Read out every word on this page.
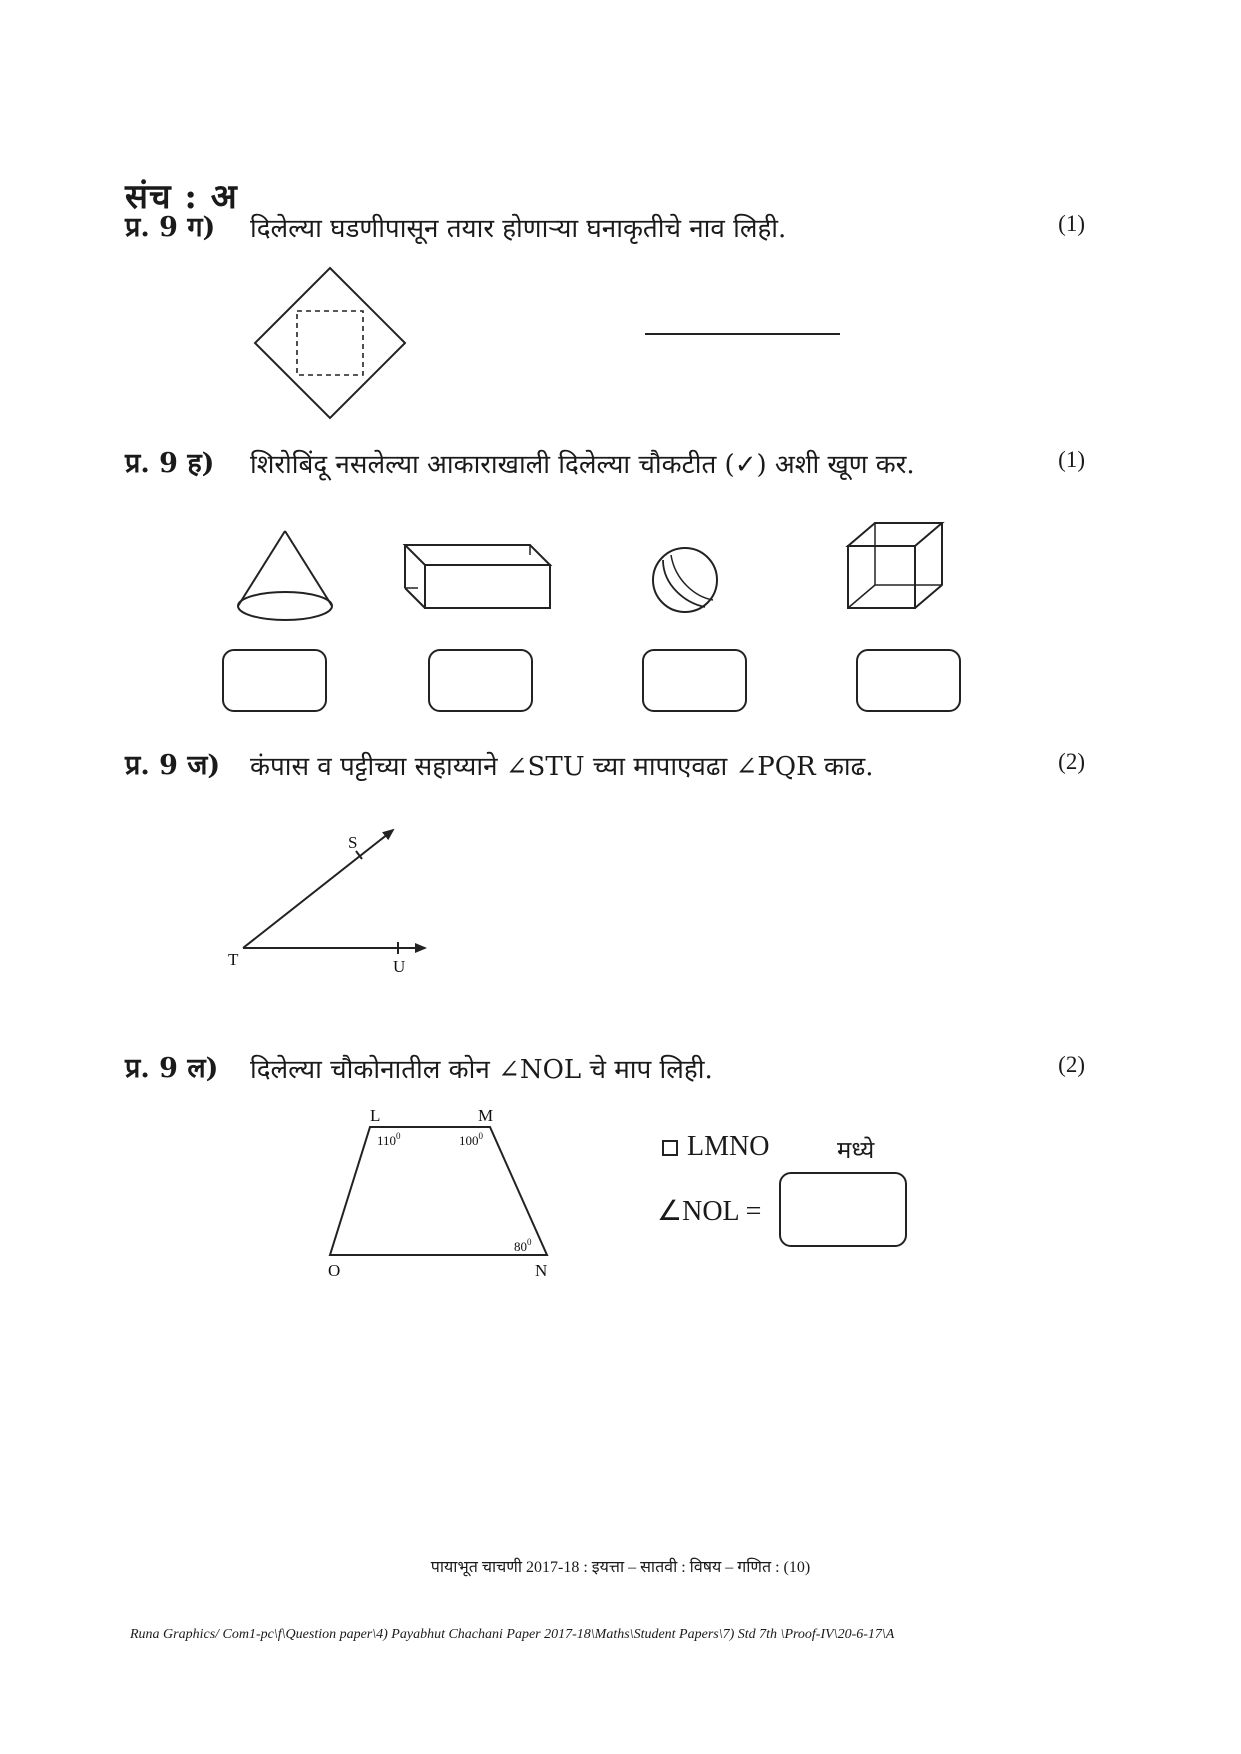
संच : अ
प्र. 9 ग) दिलेल्या घडणीपासून तयार होणाऱ्या घनाकृतीचे नाव लिही.	(1)
प्र. 9 ह) शिरोबिंदू नसलेल्या आकाराखाली दिलेल्या चौकटीत (✓) अशी खूण कर.	(1)
प्र. 9 ज) कंपास व पट्टीच्या सहाय्याने ∠STU च्या मापाएवढा ∠PQR काढ.	(2)
S
T	U
प्र. 9 ल) दिलेल्या चौकोनातील कोन ∠NOL चे माप लिही.	(2)
L	M
N
O
$110^0$	$100^0$
$80^0$
LMNO	मध्ये
∠NOL =
पायाभूत चाचणी 2017-18 : इयत्ता – सातवी : विषय – गणित : (10)
Runa Graphics/ Com1-pc\f\Question paper\4) Payabhut Chachani Paper 2017-18\Maths\Student Papers\7) Std 7th \Proof-IV\20-6-17\A
